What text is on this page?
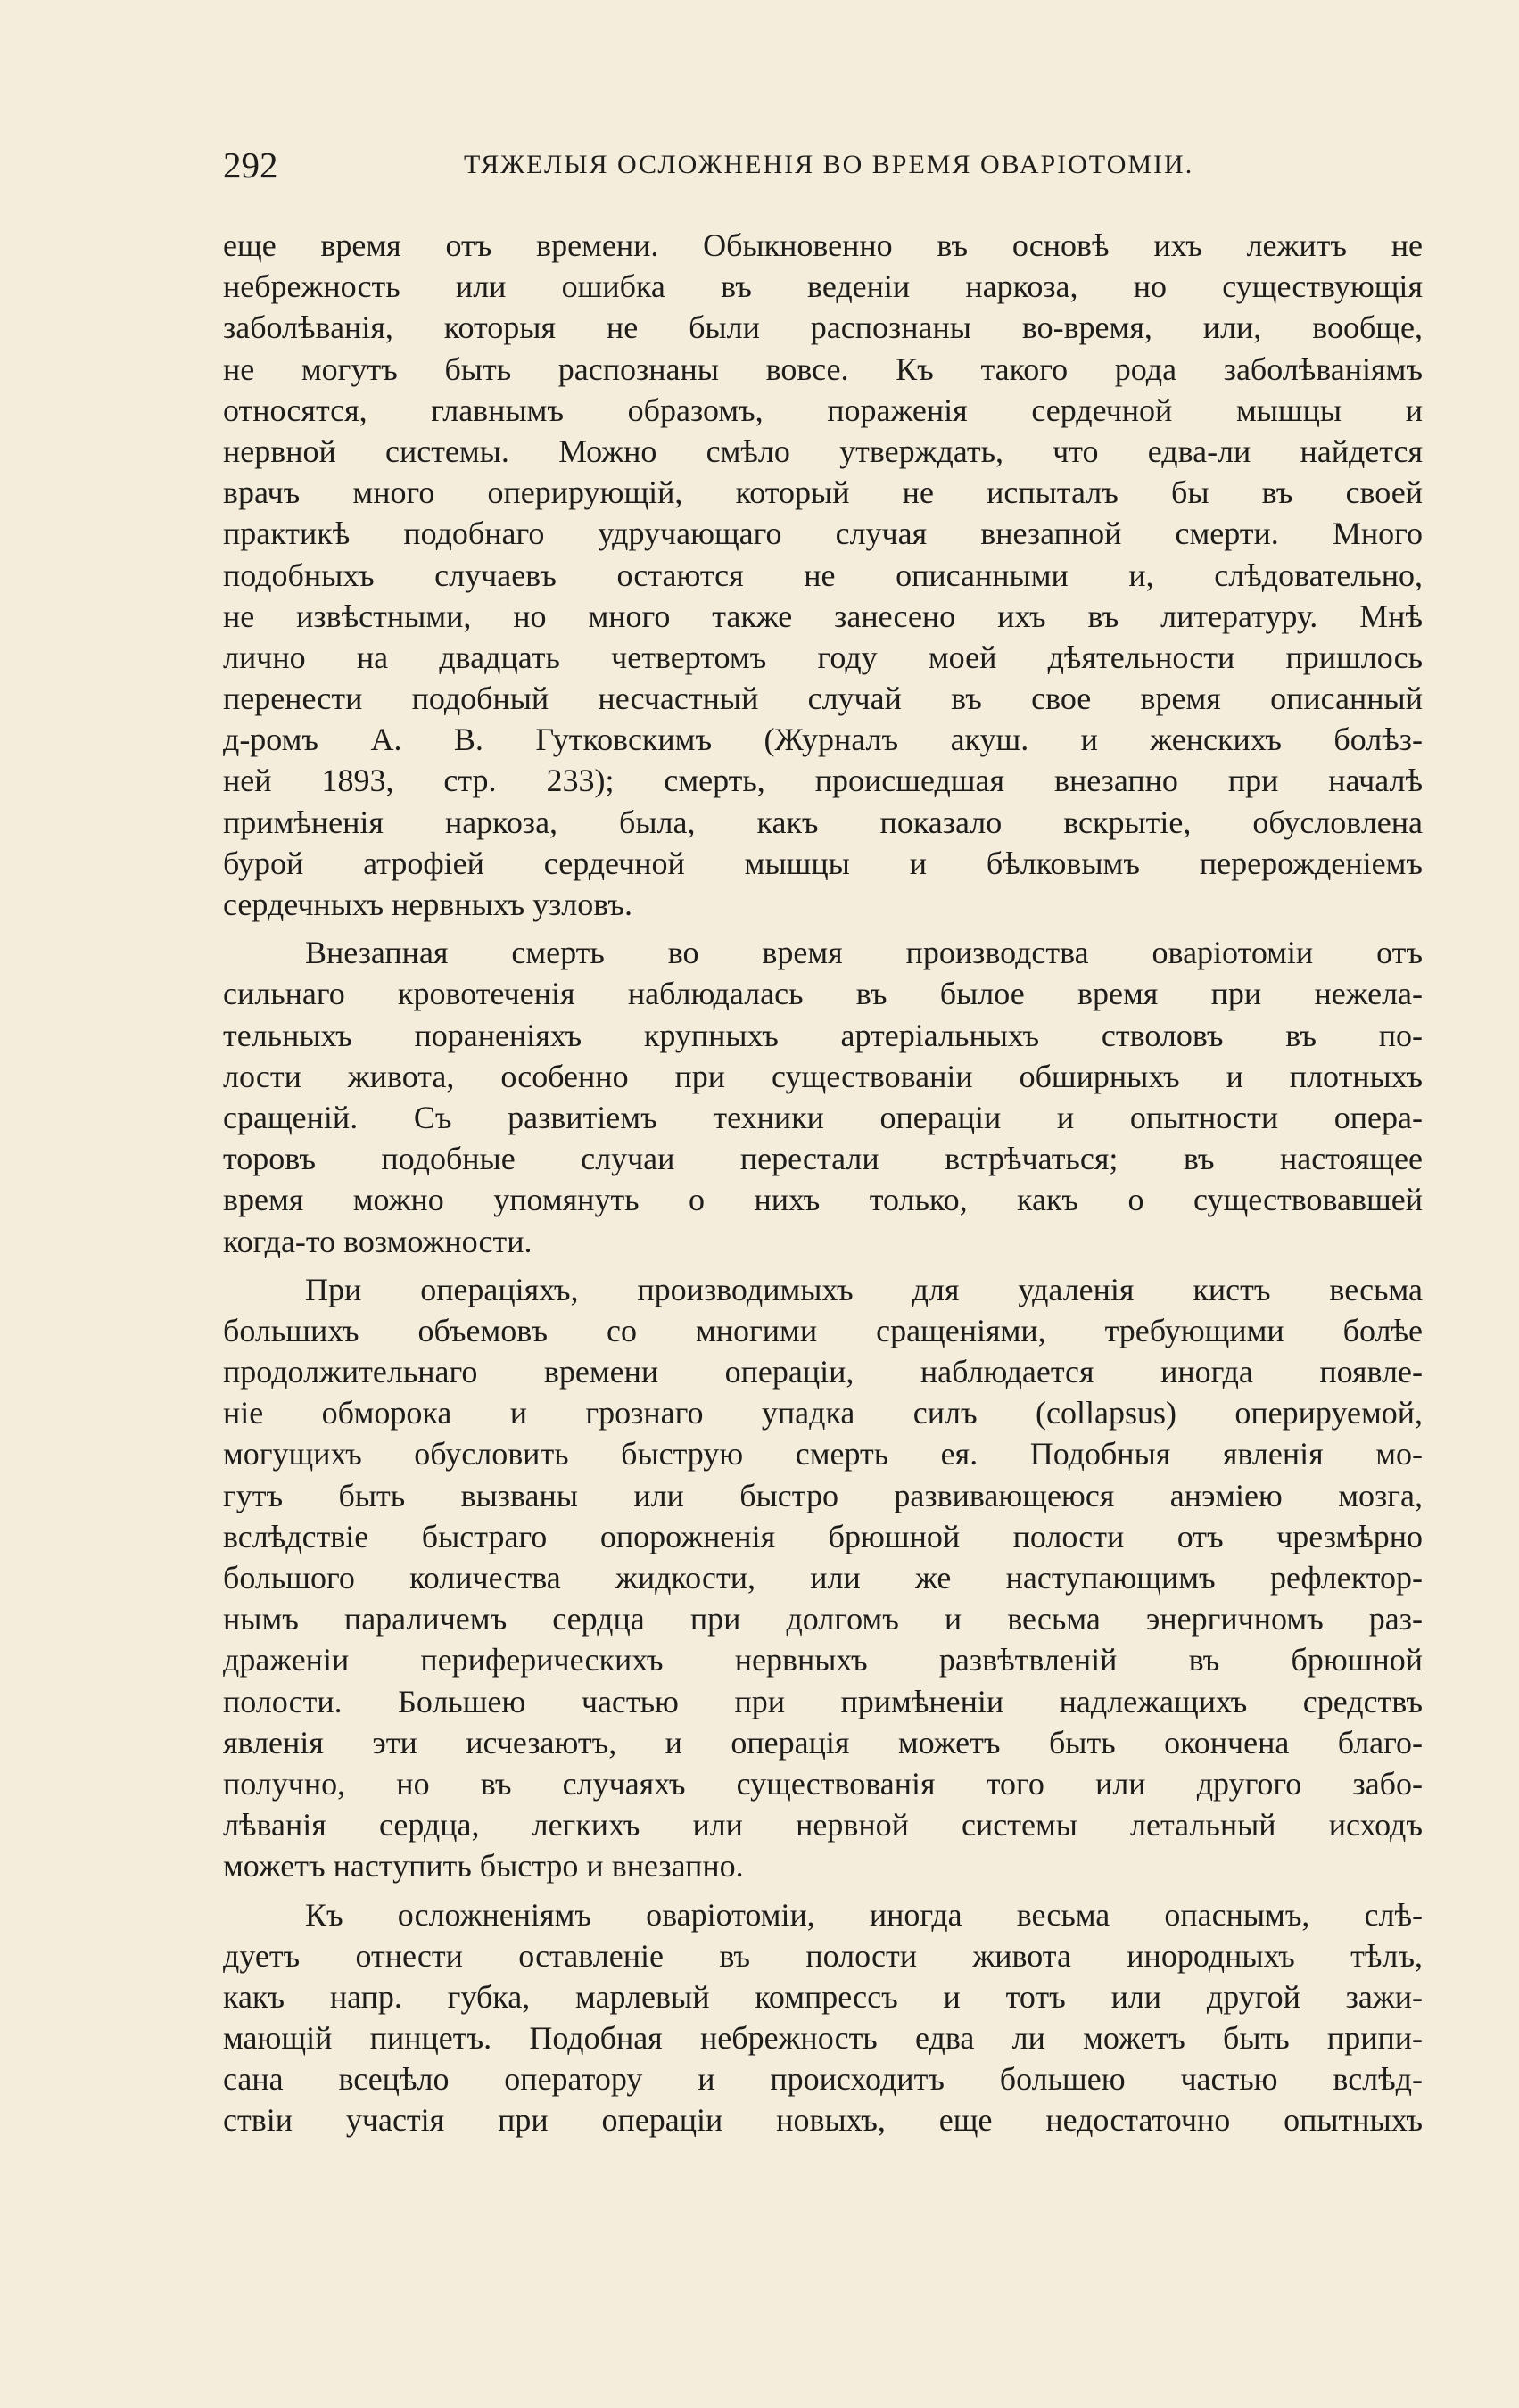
292	ТЯЖЕЛЫЯ ОСЛОЖНЕНІЯ ВО ВРЕМЯ ОВАРІОТОМІИ.
еще время отъ времени. Обыкновенно въ основѣ ихъ лежитъ не
небрежность или ошибка въ веденіи наркоза, но существующія
заболѣванія, которыя не были распознаны во-время, или, вообще,
не могутъ быть распознаны вовсе. Къ такого рода заболѣваніямъ
относятся, главнымъ образомъ, пораженія сердечной мышцы и
нервной системы. Можно смѣло утверждать, что едва-ли найдется
врачъ много оперирующій, который не испыталъ бы въ своей
практикѣ подобнаго удручающаго случая внезапной смерти. Много
подобныхъ случаевъ остаются не описанными и, слѣдовательно,
не извѣстными, но много также занесено ихъ въ литературу. Мнѣ
лично на двадцать четвертомъ году моей дѣятельности пришлось
перенести подобный несчастный случай въ свое время описанный
д-ромъ А. В. Гутковскимъ (Журналъ акуш. и женскихъ болѣз-
ней 1893, стр. 233); смерть, происшедшая внезапно при началѣ
примѣненія наркоза, была, какъ показало вскрытіе, обусловлена
бурой атрофіей сердечной мышцы и бѣлковымъ перерожденіемъ
сердечныхъ нервныхъ узловъ.
Внезапная смерть во время производства оваріотоміи отъ
сильнаго кровотеченія наблюдалась въ былое время при нежела-
тельныхъ пораненіяхъ крупныхъ артеріальныхъ стволовъ въ по-
лости живота, особенно при существованіи обширныхъ и плотныхъ
сращеній. Съ развитіемъ техники операціи и опытности опера-
торовъ подобные случаи перестали встрѣчаться; въ настоящее
время можно упомянуть о нихъ только, какъ о существовавшей
когда-то возможности.
При операціяхъ, производимыхъ для удаленія кистъ весьма
большихъ объемовъ со многими сращеніями, требующими болѣе
продолжительнаго времени операціи, наблюдается иногда появле-
ніе обморока и грознаго упадка силъ (collapsus) оперируемой,
могущихъ обусловить быструю смерть ея. Подобныя явленія мо-
гутъ быть вызваны или быстро развивающеюся анэміею мозга,
вслѣдствіе быстраго опорожненія брюшной полости отъ чрезмѣрно
большого количества жидкости, или же наступающимъ рефлектор-
нымъ параличемъ сердца при долгомъ и весьма энергичномъ раз-
драженіи периферическихъ нервныхъ развѣтвленій въ брюшной
полости. Большею частью при примѣненіи надлежащихъ средствъ
явленія эти исчезаютъ, и операція можетъ быть окончена благо-
получно, но въ случаяхъ существованія того или другого забо-
лѣванія сердца, легкихъ или нервной системы летальный исходъ
можетъ наступить быстро и внезапно.
Къ осложненіямъ оваріотоміи, иногда весьма опаснымъ, слѣ-
дуетъ отнести оставленіе въ полости живота инородныхъ тѣлъ,
какъ напр. губка, марлевый компрессъ и тотъ или другой зажи-
мающій пинцетъ. Подобная небрежность едва ли можетъ быть припи-
сана всецѣло оператору и происходитъ большею частью вслѣд-
ствіи участія при операціи новыхъ, еще недостаточно опытныхъ
